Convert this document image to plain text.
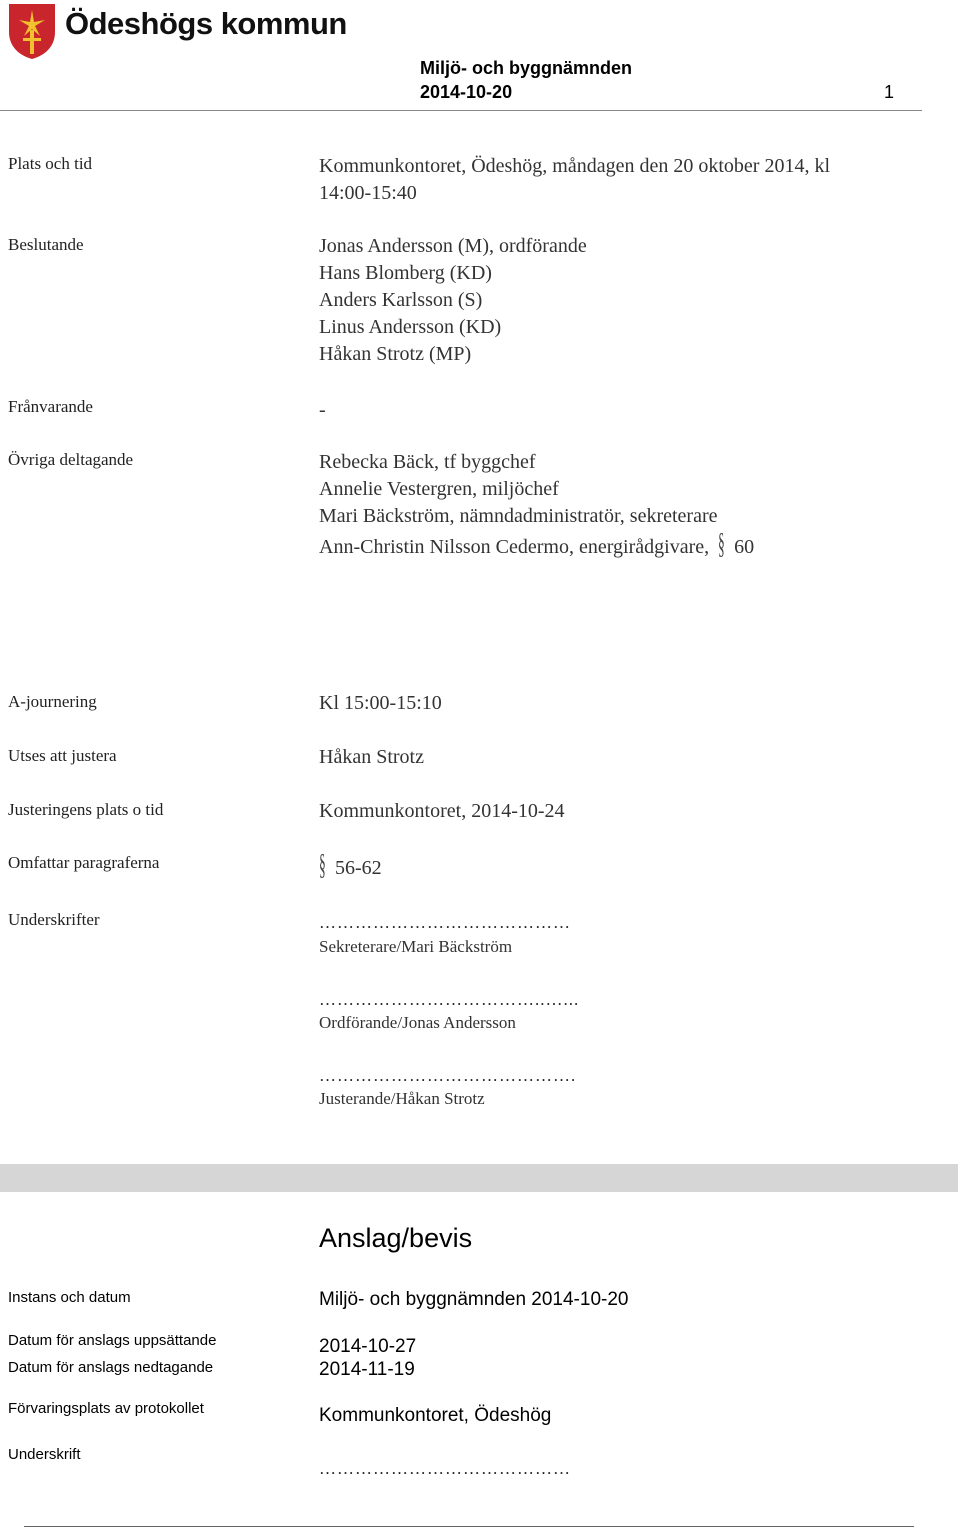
Ödeshögs kommun
Miljö- och byggnämnden
2014-10-20	1
Plats och tid	Kommunkontoret, Ödeshög, måndagen den 20 oktober 2014, kl
14:00-15:40
Beslutande	Jonas Andersson (M), ordförande
Hans Blomberg (KD)
Anders Karlsson (S)
Linus Andersson (KD)
Håkan Strotz (MP)
Frånvarande	-
Övriga deltagande	Rebecka Bäck, tf byggchef
Annelie Vestergren, miljöchef
Mari Bäckström, nämndadministratör, sekreterare
Ann-Christin Nilsson Cedermo, energirådgivare, § 60
A-journering	Kl 15:00-15:10
Utses att justera	Håkan Strotz
Justeringens plats o tid	Kommunkontoret, 2014-10-24
Omfattar paragraferna	§ 56-62
Underskrifter	……………………………………
Sekreterare/Mari Bäckström
………………………………..…...
Ordförande/Jonas Andersson
…………………………………….
Justerande/Håkan Strotz
Anslag/bevis
Instans och datum	Miljö- och byggnämnden 2014-10-20
Datum för anslags uppsättande	2014-10-27
Datum för anslags nedtagande	2014-11-19
Förvaringsplats av protokollet	Kommunkontoret, Ödeshög
Underskrift
……………………………………
